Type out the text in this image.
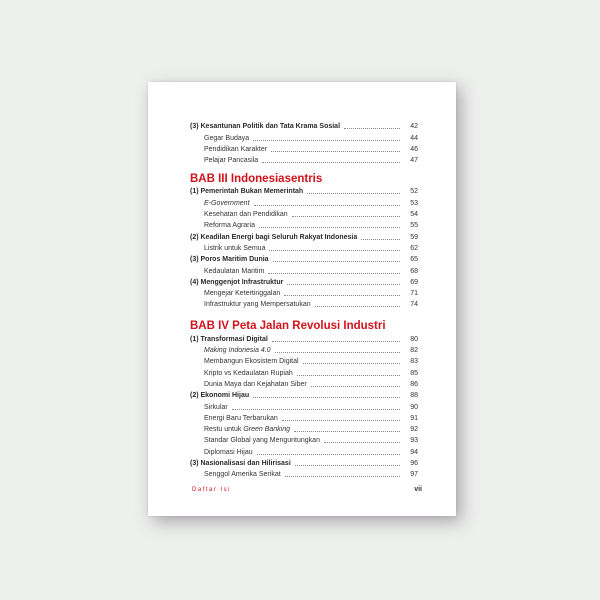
(3) Kesantunan Politik dan Tata Krama Sosial	42
Gegar Budaya	44
Pendidikan Karakter	46
Pelajar Pancasila	47
BAB III Indonesiasentris
(1) Pemerintah Bukan Memerintah	52
E-Government	53
Kesehatan dan Pendidikan	54
Reforma Agraria	55
(2) Keadilan Energi bagi Seluruh Rakyat Indonesia	59
Listrik untuk Semua	62
(3) Poros Maritim Dunia	65
Kedaulatan Maritim	68
(4) Menggenjot Infrastruktur	69
Mengejar Ketertinggalan	71
Infrastruktur yang Mempersatukan	74
BAB IV Peta Jalan Revolusi Industri
(1) Transformasi Digital	80
Making Indonesia 4.0	82
Membangun Ekosistem Digital	83
Kripto vs Kedaulatan Rupiah	85
Dunia Maya dan Kejahatan Siber	86
(2) Ekonomi Hijau	88
Sirkular	90
Energi Baru Terbarukan	91
Restu untuk Green Banking	92
Standar Global yang Menguntungkan	93
Diplomasi Hijau	94
(3) Nasionalisasi dan Hilirisasi	96
Senggol Amerika Serikat	97
Daftar Isi	vii
